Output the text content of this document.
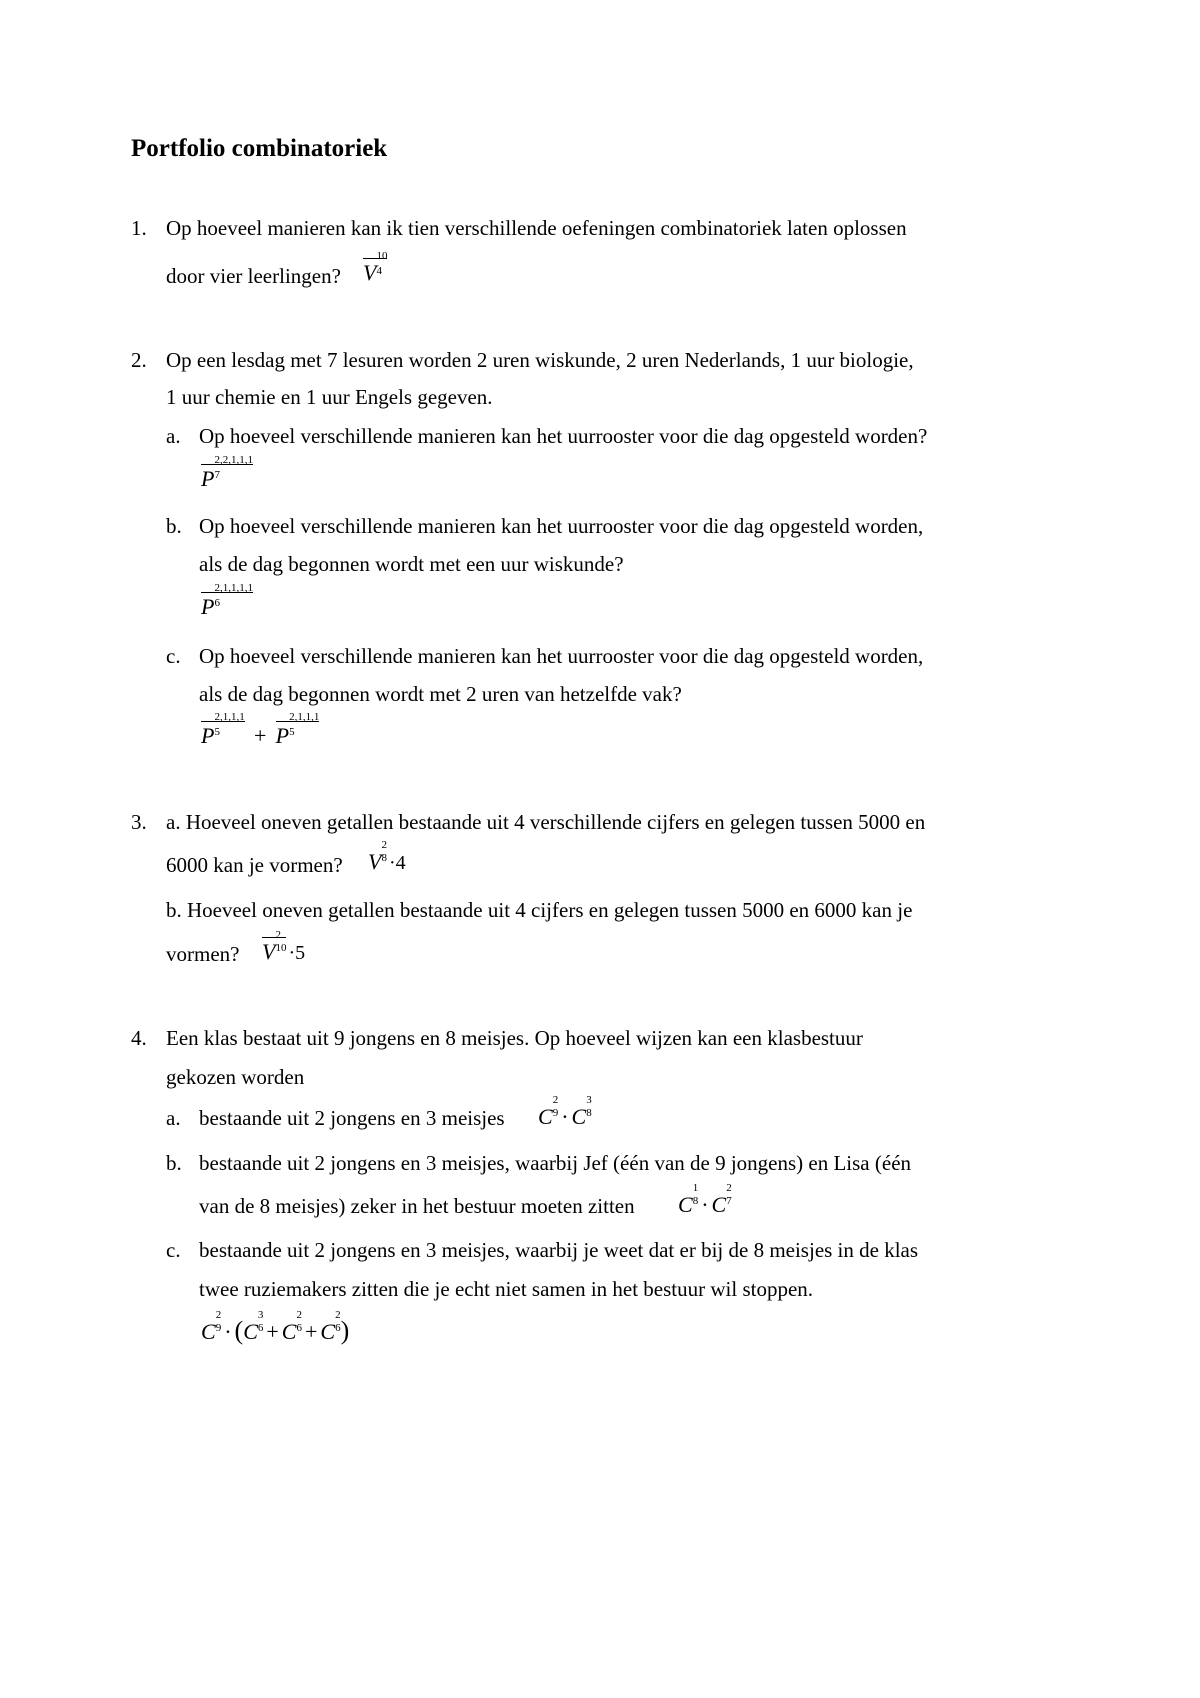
Portfolio combinatoriek
1. Op hoeveel manieren kan ik tien verschillende oefeningen combinatoriek laten oplossen
door vier leerlingen? V
10
4
2. Op een lesdag met 7 lesuren worden 2 uren wiskunde, 2 uren Nederlands, 1 uur biologie,
1 uur chemie en 1 uur Engels gegeven.
a. Op hoeveel verschillende manieren kan het uurrooster voor die dag opgesteld worden?
P
2,2,1,1,1
7
b. Op hoeveel verschillende manieren kan het uurrooster voor die dag opgesteld worden,
als de dag begonnen wordt met een uur wiskunde?
P
2,1,1,1,1
6
c. Op hoeveel verschillende manieren kan het uurrooster voor die dag opgesteld worden,
als de dag begonnen wordt met 2 uren van hetzelfde vak?
P
2,1,1,1
5	+ P
2,1,1,1
5
3. a. Hoeveel oneven getallen bestaande uit 4 verschillende cijfers en gelegen tussen 5000 en
6000 kan je vormen? V
2
8 ·4
b. Hoeveel oneven getallen bestaande uit 4 cijfers en gelegen tussen 5000 en 6000 kan je
vormen? V
2
10 ·5
4. Een klas bestaat uit 9 jongens en 8 meisjes. Op hoeveel wijzen kan een klasbestuur
gekozen worden
a. bestaande uit 2 jongens en 3 meisjes C
2
9 · C
3
8
b. bestaande uit 2 jongens en 3 meisjes, waarbij Jef (één van de 9 jongens) en Lisa (één
van de 8 meisjes) zeker in het bestuur moeten zitten C
1
8 · C
2
7
c. bestaande uit 2 jongens en 3 meisjes, waarbij je weet dat er bij de 8 meisjes in de klas
twee ruziemakers zitten die je echt niet samen in het bestuur wil stoppen.
C
2
9 · (C
3
6 + C
2
6 + C
2
6 )
